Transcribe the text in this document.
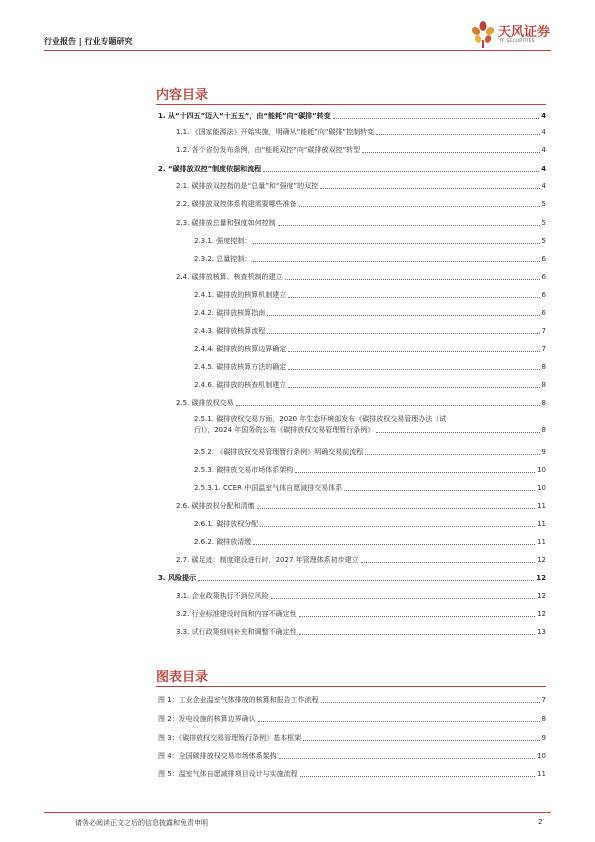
行业报告 | 行业专题研究
天风证券
TF SECURITIES
内容目录
1. 从“十四五”迈入“十五五”，由“能耗”向“碳排”转变	4
1.1. 《国家能源法》开始实施，明确从“能耗”向“碳排”控制转变	4
1.2. 各个省份发布条例，由“能耗双控”向“碳排放双控”转型	4
2. “碳排放双控”制度依据和流程	4
2.1. 碳排放双控指的是“总量”和“强度”的双控	4
2.2. 碳排放双控体系构建需要哪些准备	5
2.3. 碳排放总量和强度如何控制	5
2.3.1. 强度控制：	5
2.3.2. 总量控制：	6
2.4. 碳排放核算、核查机制的建立	6
2.4.1. 碳排放的核算机制建立	6
2.4.2. 碳排放核算指南	6
2.4.3. 碳排放核算流程	7
2.4.4. 碳排放的核算边界确定	7
2.4.5. 碳排放核算方法的确定	8
2.4.6. 碳排放的核查机制建立	8
2.5. 碳排放权交易	8
2.5.1. 碳排放权交易方面，2020 年生态环境部发布《碳排放权交易管理办法（试
行)》，2024 年国务院公布《碳排放权交易管理暂行条例》	8
2.5.2. 《碳排放权交易管理暂行条例》明确交易前流程	9
2.5.3. 碳排放交易市场体系架构	10
2.5.3.1. CCER 中国温室气体自愿减排交易体系	10
2.6. 碳排放权分配和清缴	11
2.6.1. 碳排放权分配	11
2.6.2. 碳排放清缴	11
2.7. 碳足迹：制度建设进行时，2027 年管理体系初步建立	12
3. 风险提示	12
3.1. 企业政策执行不到位风险	12
3.2. 行业标准建设时间和内容不确定性	12
3.3. 试行政策细则补充和调整不确定性	13
图表目录
图 1：工业企业温室气体排放的核算和报告工作流程	7
图 2：发电设施的核算边界确认	8
图 3：《碳排放权交易管理暂行条例》基本框架	9
图 4：全国碳排放权交易市场体系架构	10
图 5：温室气体自愿减排项目设计与实施流程	11
请务必阅读正文之后的信息披露和免责申明	2
